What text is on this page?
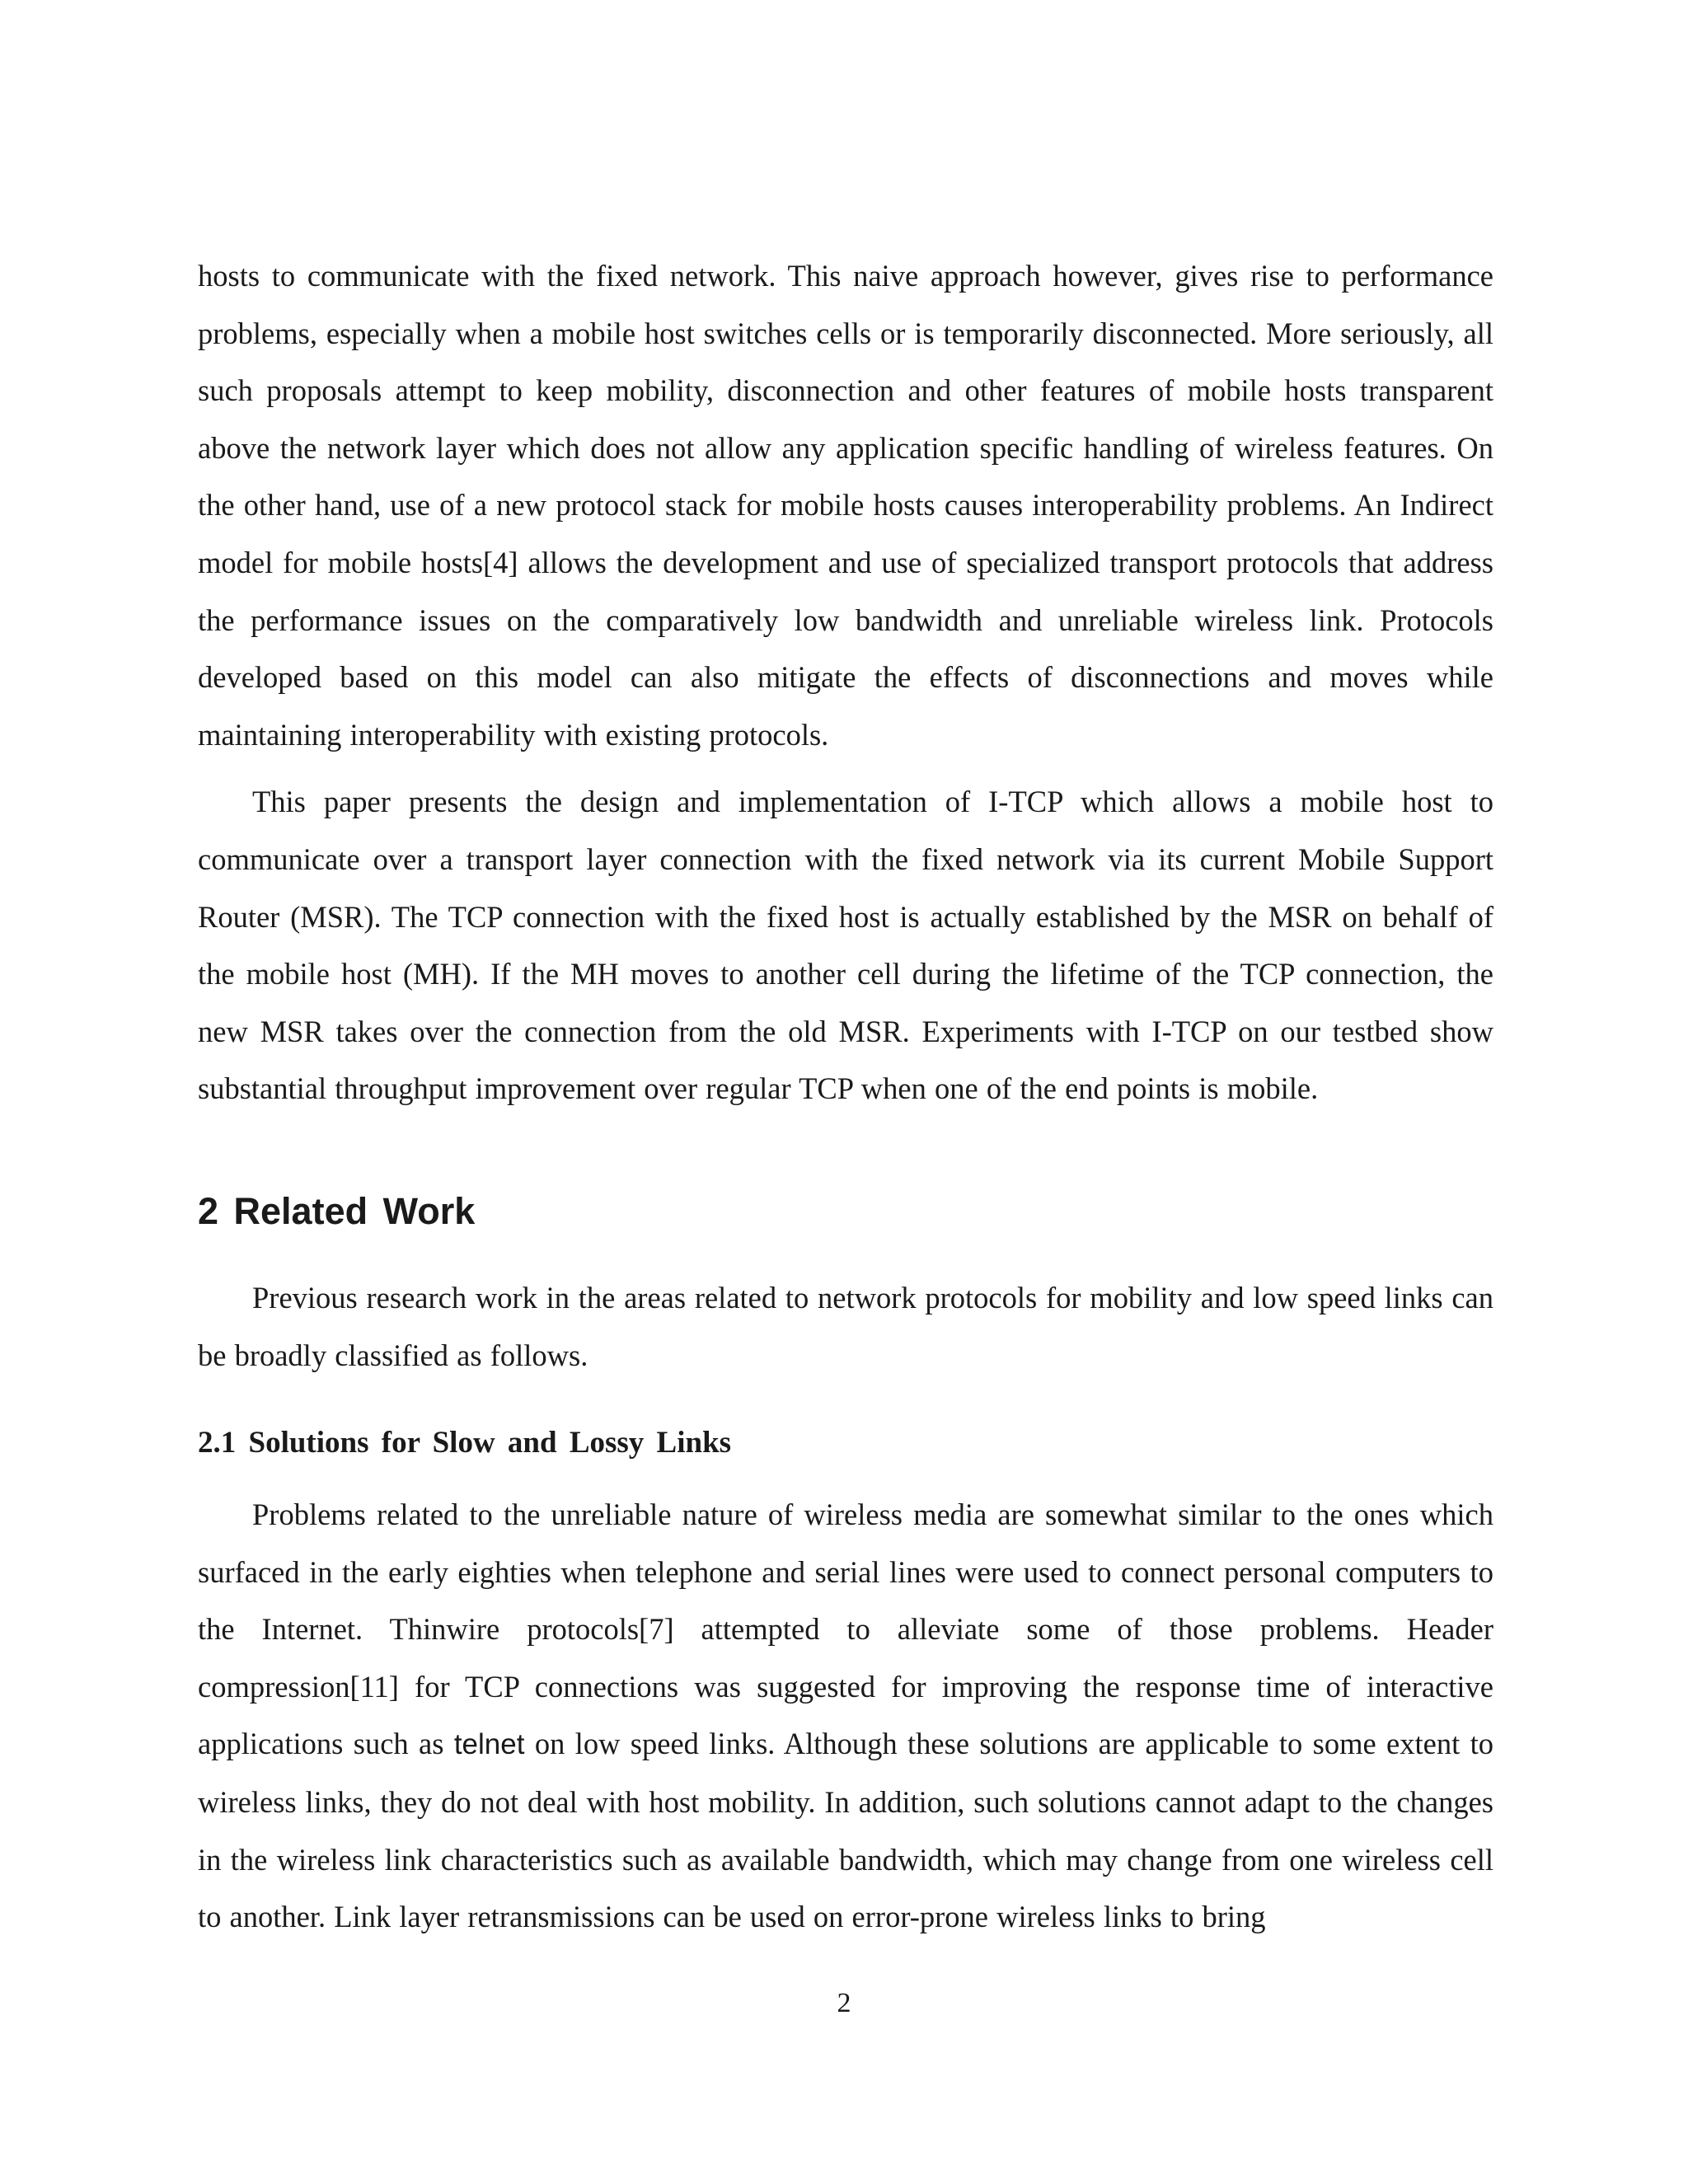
hosts to communicate with the fixed network. This naive approach however, gives rise to performance problems, especially when a mobile host switches cells or is temporarily disconnected. More seriously, all such proposals attempt to keep mobility, disconnection and other features of mobile hosts transparent above the network layer which does not allow any application specific handling of wireless features. On the other hand, use of a new protocol stack for mobile hosts causes interoperability problems. An Indirect model for mobile hosts[4] allows the development and use of specialized transport protocols that address the performance issues on the comparatively low bandwidth and unreliable wireless link. Protocols developed based on this model can also mitigate the effects of disconnections and moves while maintaining interoperability with existing protocols.

This paper presents the design and implementation of I-TCP which allows a mobile host to communicate over a transport layer connection with the fixed network via its current Mobile Support Router (MSR). The TCP connection with the fixed host is actually established by the MSR on behalf of the mobile host (MH). If the MH moves to another cell during the lifetime of the TCP connection, the new MSR takes over the connection from the old MSR. Experiments with I-TCP on our testbed show substantial throughput improvement over regular TCP when one of the end points is mobile.

2 Related Work

Previous research work in the areas related to network protocols for mobility and low speed links can be broadly classified as follows.

2.1 Solutions for Slow and Lossy Links

Problems related to the unreliable nature of wireless media are somewhat similar to the ones which surfaced in the early eighties when telephone and serial lines were used to connect personal computers to the Internet. Thinwire protocols[7] attempted to alleviate some of those problems. Header compression[11] for TCP connections was suggested for improving the response time of interactive applications such as telnet on low speed links. Although these solutions are applicable to some extent to wireless links, they do not deal with host mobility. In addition, such solutions cannot adapt to the changes in the wireless link characteristics such as available bandwidth, which may change from one wireless cell to another. Link layer retransmissions can be used on error-prone wireless links to bring

2
